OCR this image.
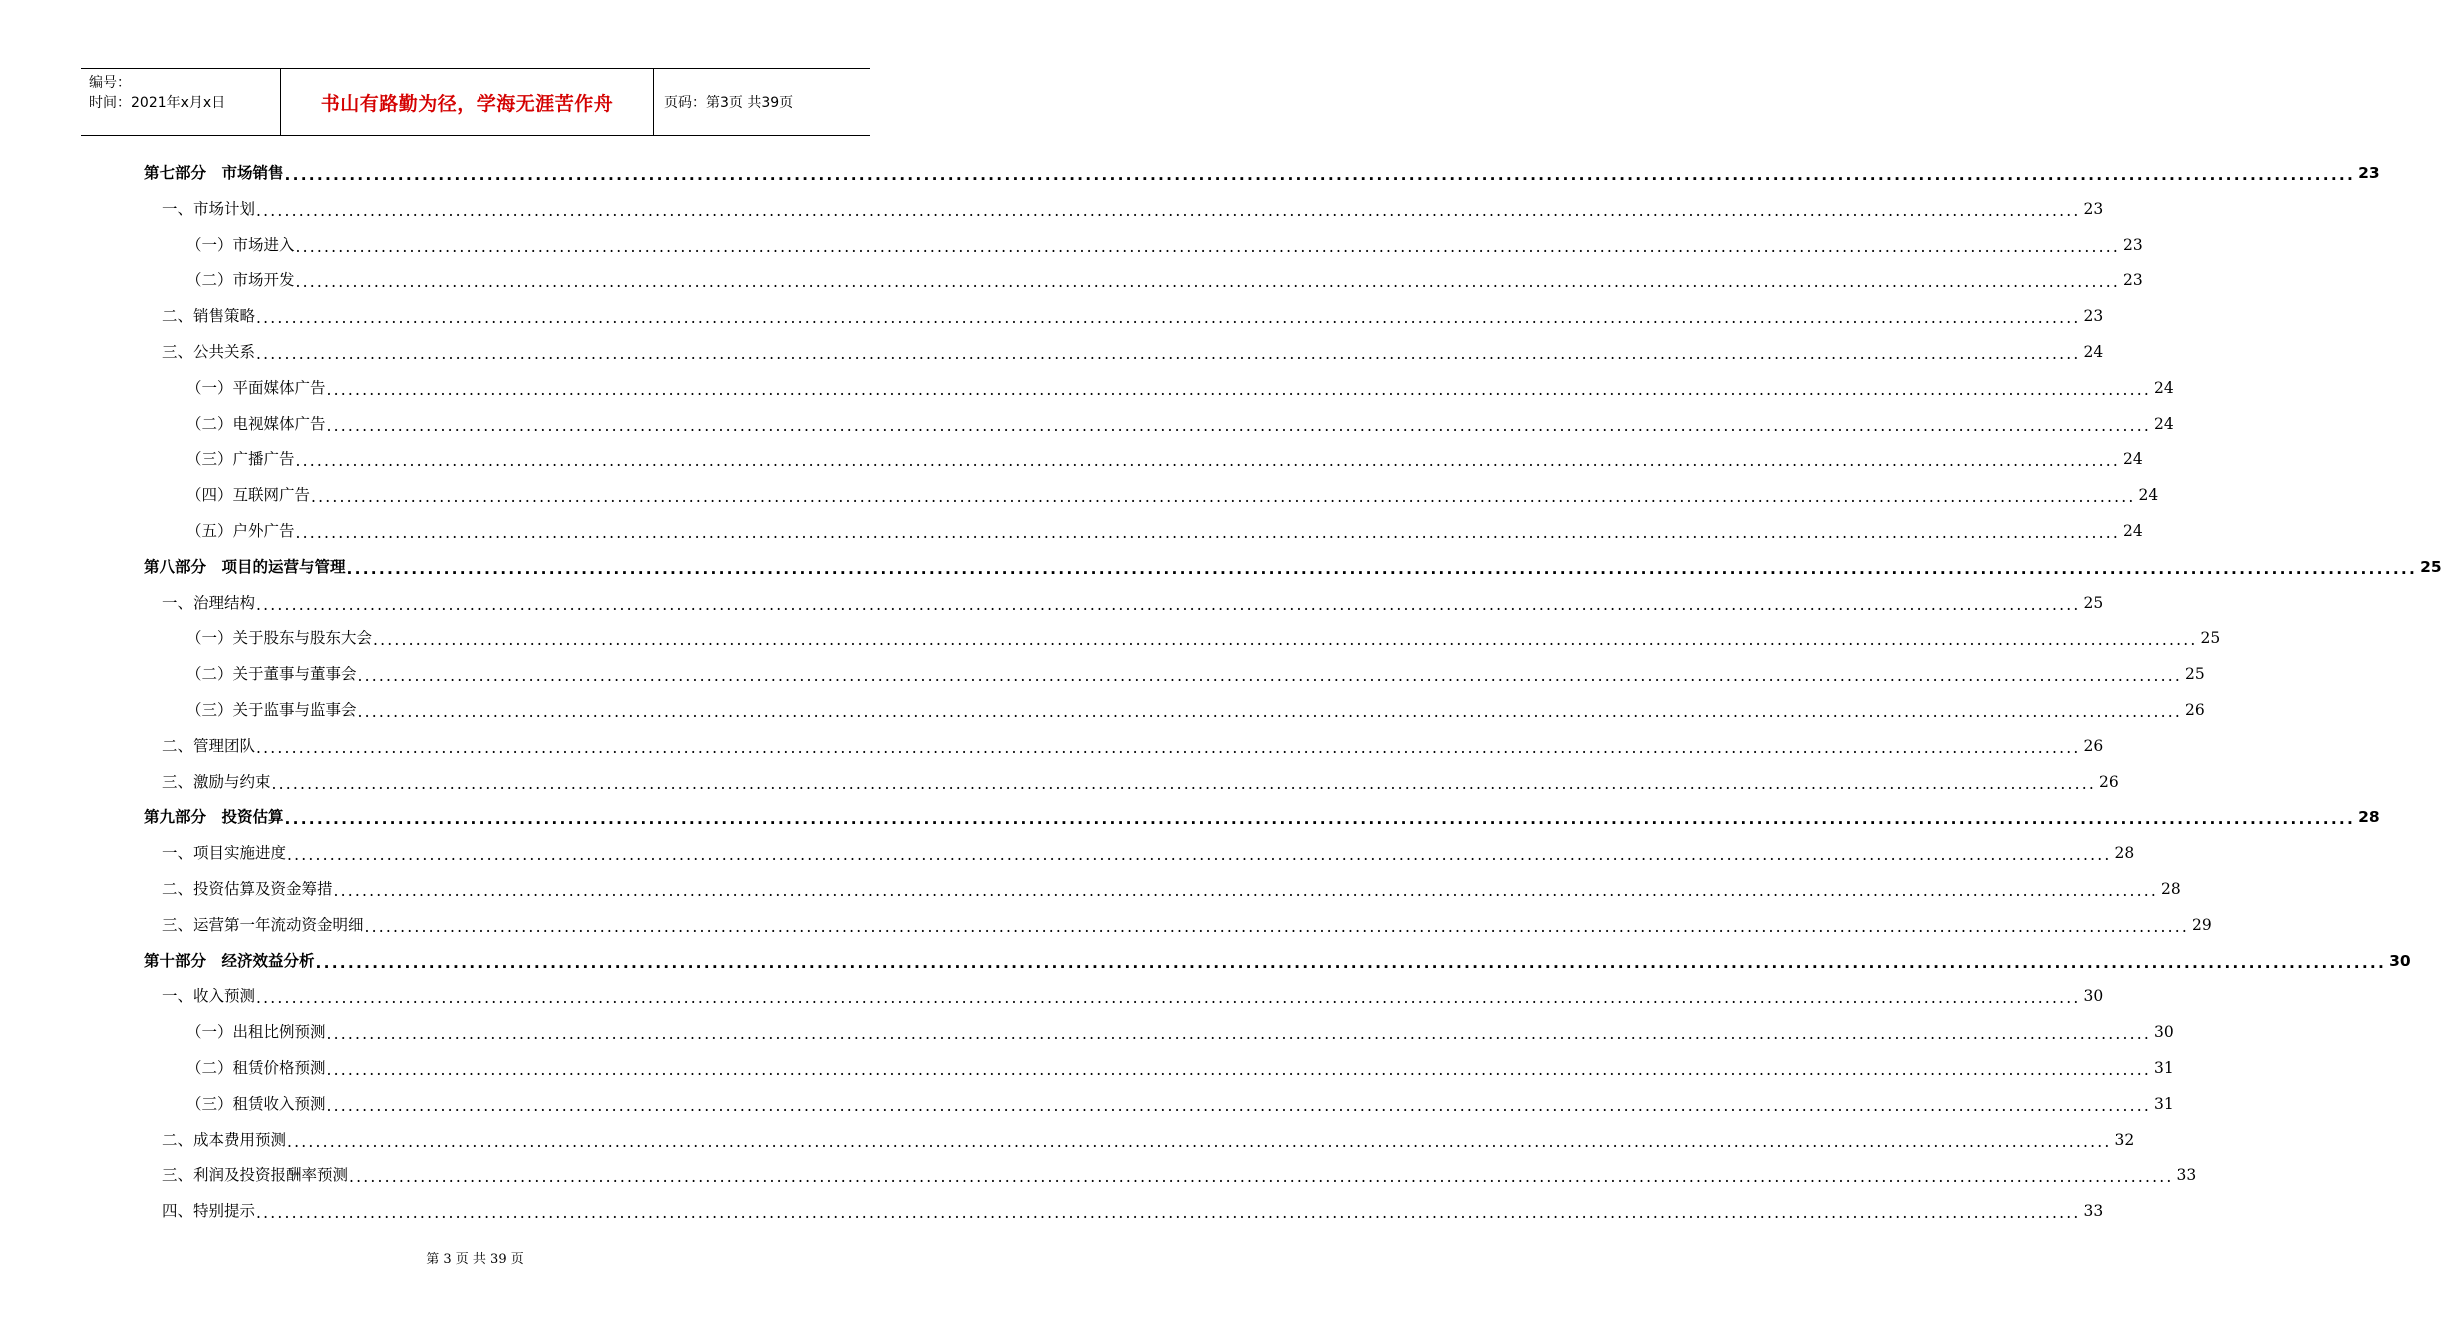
编号：
时间：2021年x月x日	书山有路勤为径，学海无涯苦作舟	页码：第3页 共39页
第七部分　市场销售 .....	23
一、市场计划 .....	23
（一）市场进入 .....	23
（二）市场开发 .....	23
二、销售策略 .....	23
三、公共关系 .....	24
（一）平面媒体广告 .....	24
（二）电视媒体广告 .....	24
（三）广播广告 .....	24
（四）互联网广告 .....	24
（五）户外广告 .....	24
第八部分　项目的运营与管理 .....	25
一、治理结构 .....	25
（一）关于股东与股东大会 .....	25
（二）关于董事与董事会 .....	25
（三）关于监事与监事会 .....	26
二、管理团队 .....	26
三、激励与约束 .....	26
第九部分　投资估算 .....	28
一、项目实施进度 .....	28
二、投资估算及资金筹措 .....	28
三、运营第一年流动资金明细 .....	29
第十部分　经济效益分析 .....	30
一、收入预测 .....	30
（一）出租比例预测 .....	30
（二）租赁价格预测 .....	31
（三）租赁收入预测 .....	31
二、成本费用预测 .....	32
三、利润及投资报酬率预测 .....	33
四、特别提示 .....	33
第 3 页 共 39 页
